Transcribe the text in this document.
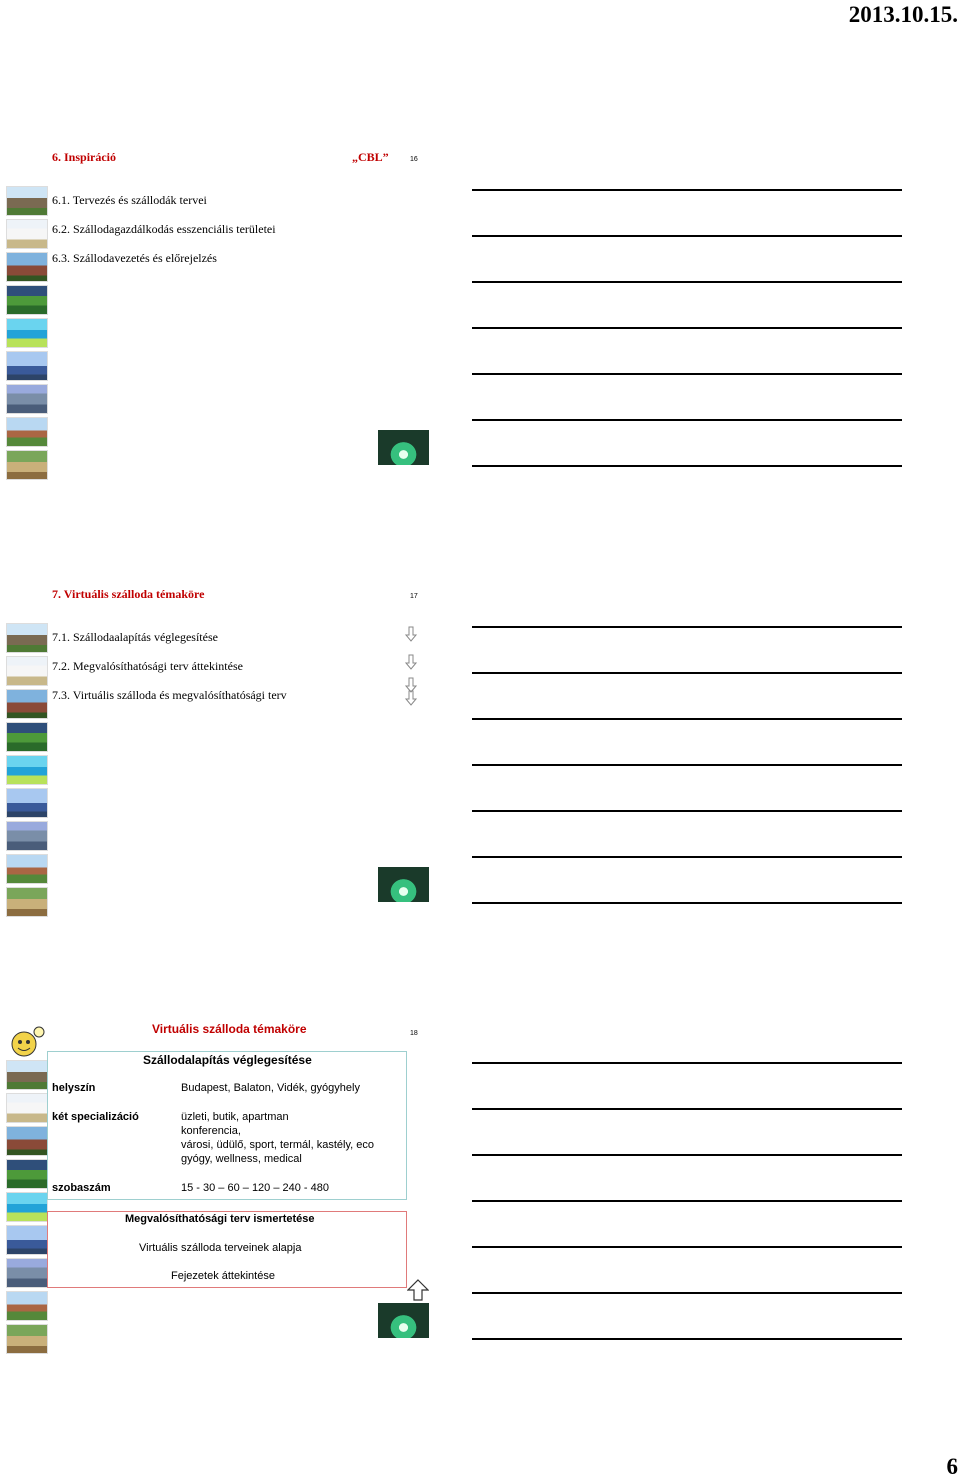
2013.10.15.
6. Inspiráció	„CBL”	16
6.1. Tervezés és szállodák tervei
6.2. Szállodagazdálkodás esszenciális területei
6.3. Szállodavezetés és előrejelzés
7. Virtuális szálloda témaköre	17
7.1. Szállodaalapítás véglegesítése
7.2. Megvalósíthatósági terv áttekintése
7.3. Virtuális szálloda és megvalósíthatósági terv
Virtuális szálloda témaköre	18
Szállodalapítás véglegesítése
helyszín	Budapest, Balaton, Vidék, gyógyhely
két specializáció	üzleti, butik, apartman
konferencia,
városi, üdülő, sport, termál, kastély, eco
gyógy, wellness, medical
szobaszám	15 - 30 – 60 – 120 – 240 - 480
Megvalósíthatósági terv ismertetése
Virtuális szálloda terveinek alapja
Fejezetek áttekintése
6
